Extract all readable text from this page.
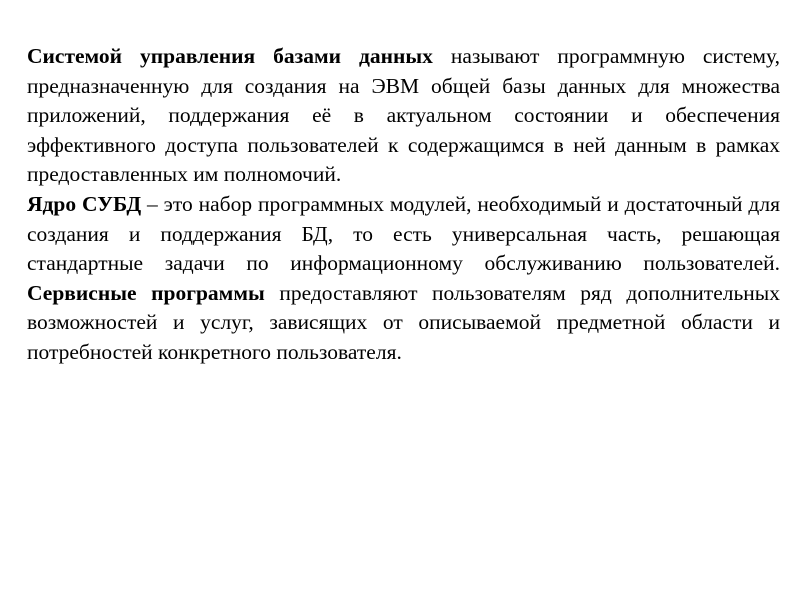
Системой управления базами данных называют программную систему, предназначенную для создания на ЭВМ общей базы данных для множества приложений, поддержания её в актуальном состоянии и обеспечения эффективного доступа пользователей к содержащимся в ней данным в рамках предоставленных им полномочий.

Ядро СУБД – это набор программных модулей, необходимый и достаточный для создания и поддержания БД, то есть универсальная часть, решающая стандартные задачи по информационному обслуживанию пользователей. Сервисные программы предоставляют пользователям ряд дополнительных возможностей и услуг, зависящих от описываемой предметной области и потребностей конкретного пользователя.
